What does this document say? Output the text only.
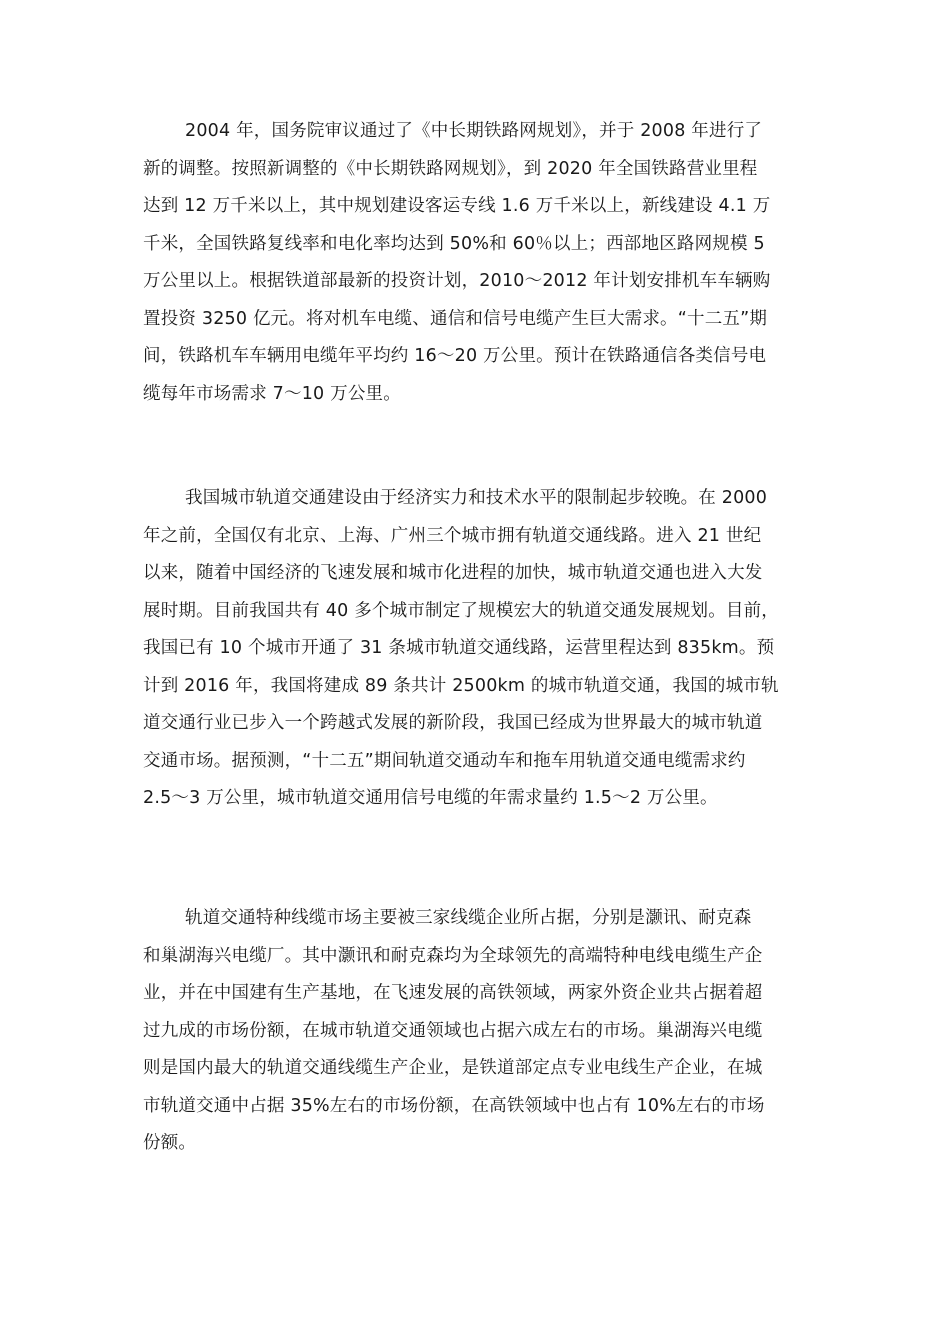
2004 年，国务院审议通过了《中长期铁路网规划》，并于 2008 年进行了
新的调整。按照新调整的《中长期铁路网规划》，到 2020 年全国铁路营业里程
达到 12 万千米以上，其中规划建设客运专线 1.6 万千米以上，新线建设 4.1 万
千米，全国铁路复线率和电化率均达到 50%和 60％以上；西部地区路网规模 5
万公里以上。根据铁道部最新的投资计划，2010～2012 年计划安排机车车辆购
置投资 3250 亿元。将对机车电缆、通信和信号电缆产生巨大需求。“十二五”期
间，铁路机车车辆用电缆年平均约 16～20 万公里。预计在铁路通信各类信号电
缆每年市场需求 7～10 万公里。
我国城市轨道交通建设由于经济实力和技术水平的限制起步较晚。在 2000
年之前，全国仅有北京、上海、广州三个城市拥有轨道交通线路。进入 21 世纪
以来，随着中国经济的飞速发展和城市化进程的加快，城市轨道交通也进入大发
展时期。目前我国共有 40 多个城市制定了规模宏大的轨道交通发展规划。目前，
我国已有 10 个城市开通了 31 条城市轨道交通线路，运营里程达到 835km。预
计到 2016 年，我国将建成 89 条共计 2500km 的城市轨道交通，我国的城市轨
道交通行业已步入一个跨越式发展的新阶段，我国已经成为世界最大的城市轨道
交通市场。据预测，“十二五”期间轨道交通动车和拖车用轨道交通电缆需求约
2.5～3 万公里，城市轨道交通用信号电缆的年需求量约 1.5～2 万公里。
轨道交通特种线缆市场主要被三家线缆企业所占据，分别是灏讯、耐克森
和巢湖海兴电缆厂。其中灏讯和耐克森均为全球领先的高端特种电线电缆生产企
业，并在中国建有生产基地，在飞速发展的高铁领域，两家外资企业共占据着超
过九成的市场份额，在城市轨道交通领域也占据六成左右的市场。巢湖海兴电缆
则是国内最大的轨道交通线缆生产企业，是铁道部定点专业电线生产企业，在城
市轨道交通中占据 35%左右的市场份额，在高铁领域中也占有 10%左右的市场
份额。
